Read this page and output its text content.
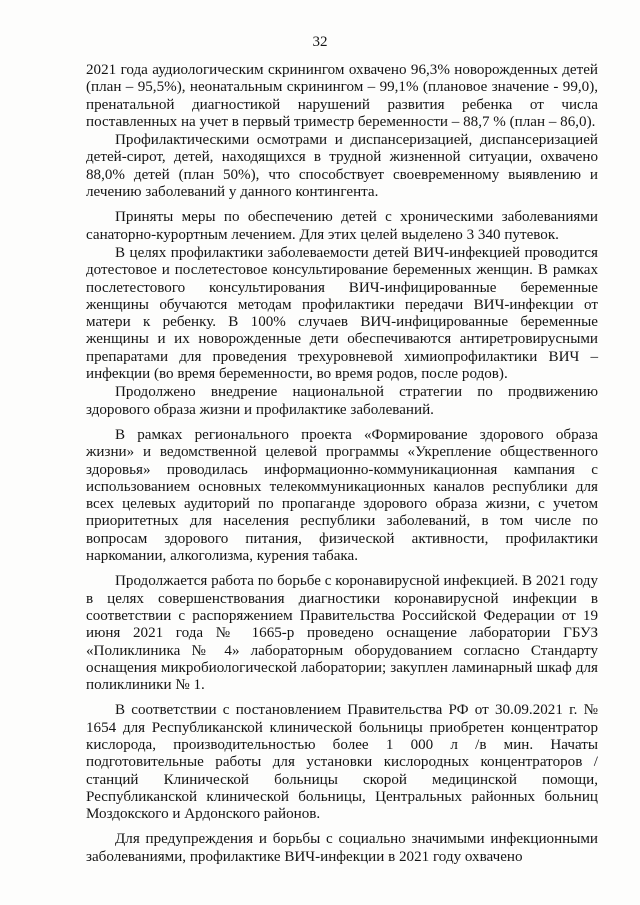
32

2021 года аудиологическим скринингом охвачено 96,3% новорожденных детей (план – 95,5%), неонатальным скринингом – 99,1% (плановое значение - 99,0), пренатальной диагностикой нарушений развития ребенка от числа поставленных на учет в первый триместр беременности – 88,7 % (план – 86,0).

Профилактическими осмотрами и диспансеризацией, диспансеризацией детей-сирот, детей, находящихся в трудной жизненной ситуации, охвачено 88,0% детей (план 50%), что способствует своевременному выявлению и лечению заболеваний у данного контингента.

Приняты меры по обеспечению детей с хроническими заболеваниями санаторно-курортным лечением. Для этих целей выделено 3 340 путевок.

В целях профилактики заболеваемости детей ВИЧ-инфекцией проводится дотестовое и послетестовое консультирование беременных женщин. В рамках послетестового консультирования ВИЧ-инфицированные беременные женщины обучаются методам профилактики передачи ВИЧ-инфекции от матери к ребенку. В 100% случаев ВИЧ-инфицированные беременные женщины и их новорожденные дети обеспечиваются антиретровирусными препаратами для проведения трехуровневой химиопрофилактики ВИЧ – инфекции (во время беременности, во время родов, после родов).

Продолжено внедрение национальной стратегии по продвижению здорового образа жизни и профилактике заболеваний.

В рамках регионального проекта «Формирование здорового образа жизни» и ведомственной целевой программы «Укрепление общественного здоровья» проводилась информационно-коммуникационная кампания с использованием основных телекоммуникационных каналов республики для всех целевых аудиторий по пропаганде здорового образа жизни, с учетом приоритетных для населения республики заболеваний, в том числе по вопросам здорового питания, физической активности, профилактики наркомании, алкоголизма, курения табака.

Продолжается работа по борьбе с коронавирусной инфекцией. В 2021 году в целях совершенствования диагностики коронавирусной инфекции в соответствии с распоряжением Правительства Российской Федерации от 19 июня 2021 года № 1665-р проведено оснащение лаборатории ГБУЗ «Поликлиника № 4» лабораторным оборудованием согласно Стандарту оснащения микробиологической лаборатории; закуплен ламинарный шкаф для поликлиники № 1.

В соответствии с постановлением Правительства РФ от 30.09.2021 г. № 1654 для Республиканской клинической больницы приобретен концентратор кислорода, производительностью более 1 000 л /в мин. Начаты подготовительные работы для установки кислородных концентраторов / станций Клинической больницы скорой медицинской помощи, Республиканской клинической больницы, Центральных районных больниц Моздокского и Ардонского районов.

Для предупреждения и борьбы с социально значимыми инфекционными заболеваниями, профилактике ВИЧ-инфекции в 2021 году охвачено
